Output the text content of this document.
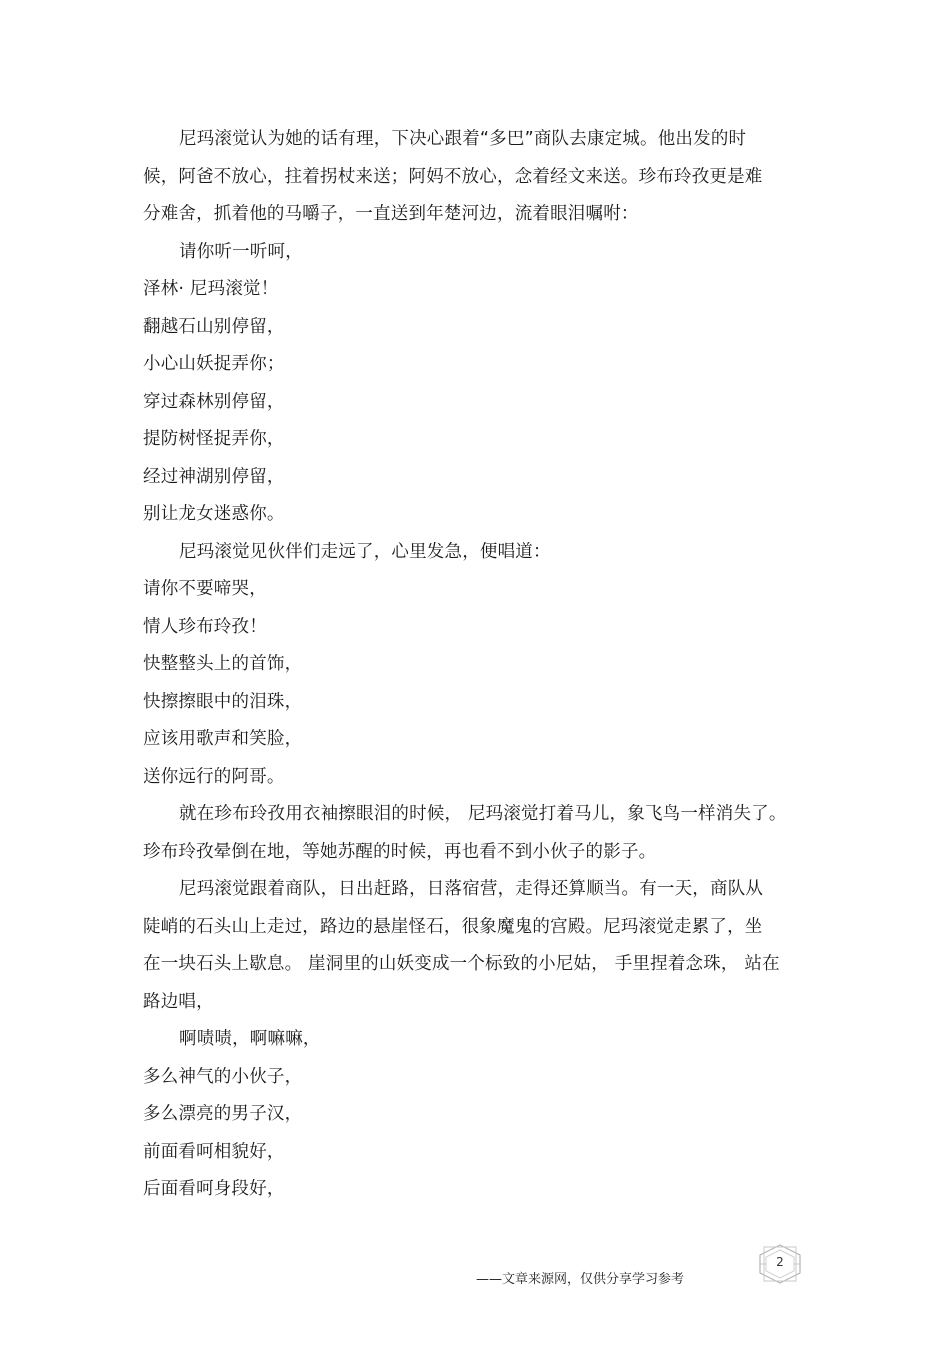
尼玛滚觉认为她的话有理，下决心跟着“多巴”商队去康定城。他出发的时
候，阿爸不放心，拄着拐杖来送；阿妈不放心，念着经文来送。珍布玲孜更是难
分难舍，抓着他的马嚼子，一直送到年楚河边，流着眼泪嘱咐：
请你听一听呵，
泽林· 尼玛滚觉！
翻越石山别停留，
小心山妖捉弄你；
穿过森林别停留，
提防树怪捉弄你，
经过神湖别停留，
别让龙女迷惑你。
尼玛滚觉见伙伴们走远了，心里发急，便唱道：
请你不要啼哭，
情人珍布玲孜！
快整整头上的首饰，
快擦擦眼中的泪珠，
应该用歌声和笑脸，
送你远行的阿哥。
就在珍布玲孜用衣袖擦眼泪的时候， 尼玛滚觉打着马儿，象飞鸟一样消失了。
珍布玲孜晕倒在地，等她苏醒的时候，再也看不到小伙子的影子。
尼玛滚觉跟着商队，日出赶路，日落宿营，走得还算顺当。有一天，商队从
陡峭的石头山上走过，路边的悬崖怪石，很象魔鬼的宫殿。尼玛滚觉走累了，坐
在一块石头上歇息。 崖洞里的山妖变成一个标致的小尼姑， 手里捏着念珠， 站在
路边唱，
啊啧啧，啊嘛嘛，
多么神气的小伙子，
多么漂亮的男子汉，
前面看呵相貌好，
后面看呵身段好，
——文章来源网，仅供分享学习参考
2
